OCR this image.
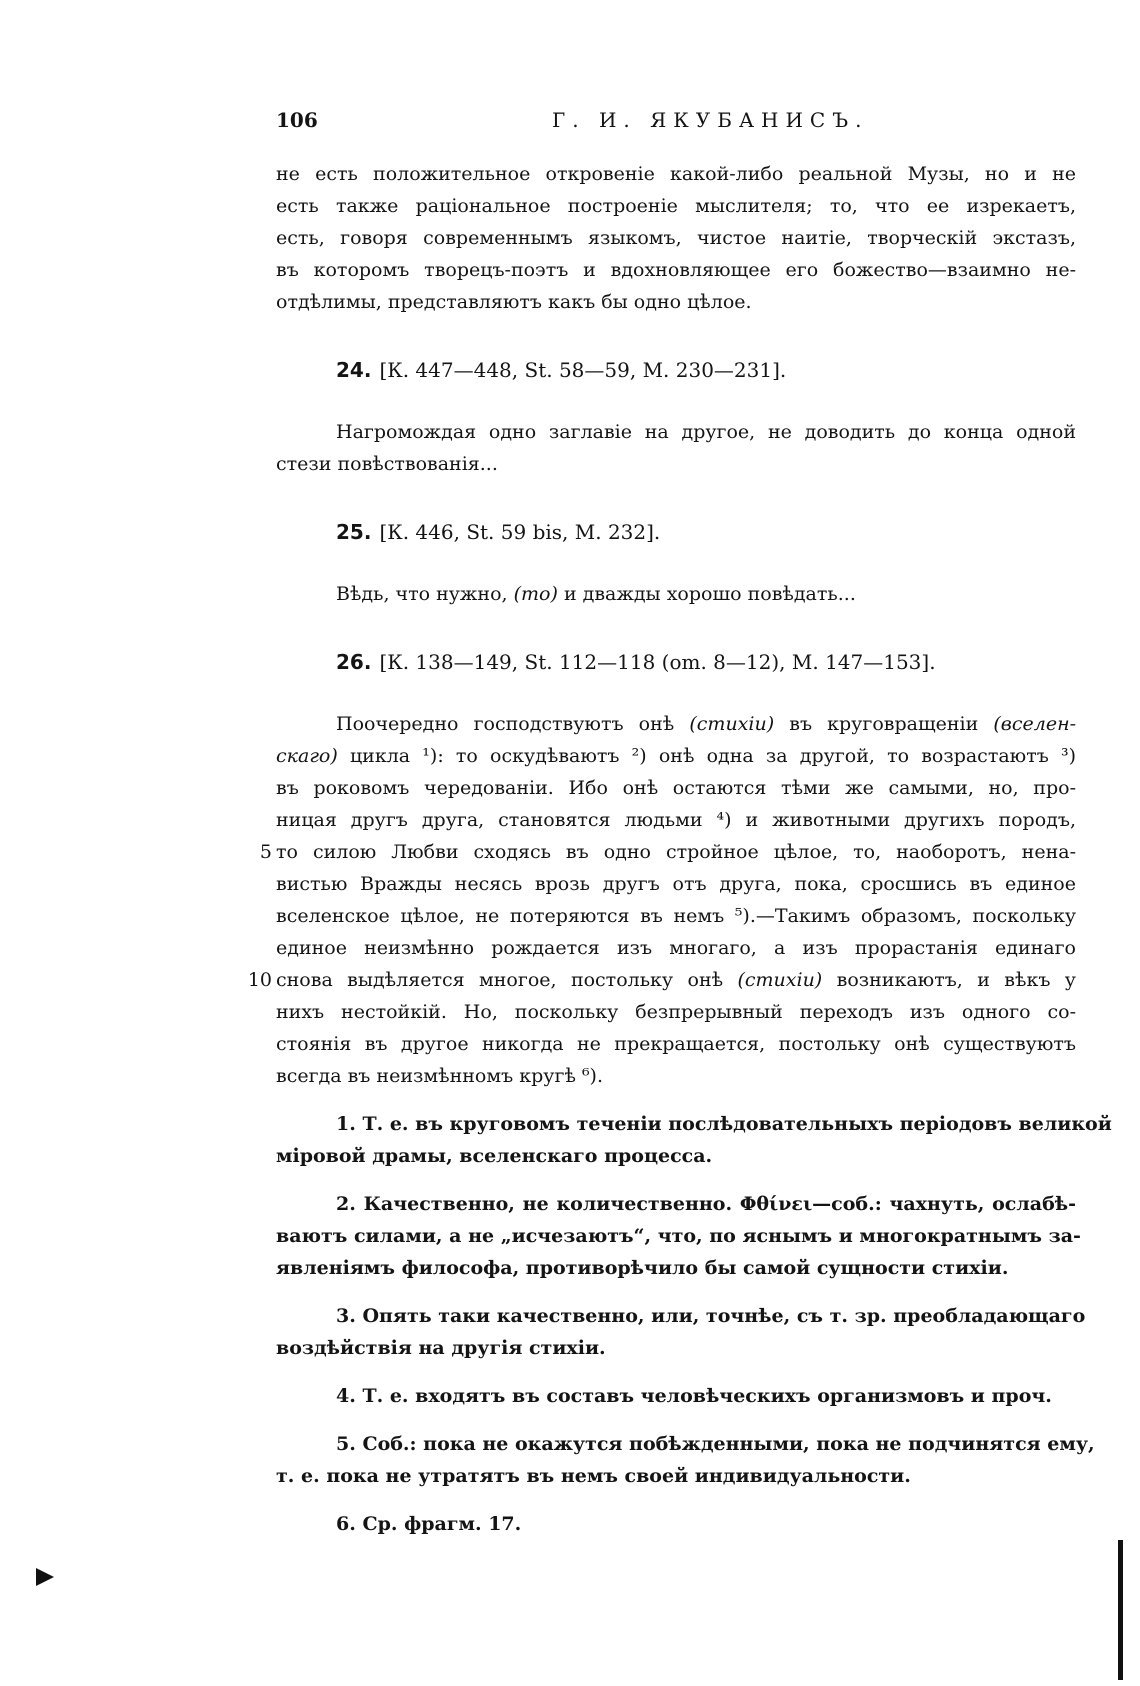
106	Г. И. ЯКУБАНИСЪ.
не есть положительное откровеніе какой-либо реальной Музы, но и не
есть также раціональное построеніе мыслителя; то, что ее изрекаетъ,
есть, говоря современнымъ языкомъ, чистое наитіе, творческій экстазъ,
въ которомъ творецъ-поэтъ и вдохновляющее его божество—взаимно не-
отдѣлимы, представляютъ какъ бы одно цѣлое.
24. [К. 447—448, St. 58—59, М. 230—231].
Нагромождая одно заглавіе на другое, не доводить до конца одной
стези повѣствованія...
25. [К. 446, St. 59 bis, М. 232].
Вѣдь, что нужно, (то) и дважды хорошо повѣдать...
26. [К. 138—149, St. 112—118 (om. 8—12), М. 147—153].
Поочередно господствуютъ онѣ (стихіи) въ круговращеніи (вселен-
скаго) цикла ¹): то оскудѣваютъ ²) онѣ одна за другой, то возрастаютъ ³)
въ роковомъ чередованіи. Ибо онѣ остаются тѣми же самыми, но, про-
ницая другъ друга, становятся людьми ⁴) и животными другихъ породъ,
5 то силою Любви сходясь въ одно стройное цѣлое, то, наоборотъ, нена-
вистью Вражды несясь врозь другъ отъ друга, пока, сросшись въ единое
вселенское цѣлое, не потеряются въ немъ ⁵).—Такимъ образомъ, поскольку
единое неизмѣнно рождается изъ многаго, а изъ прорастанія единаго
10 снова выдѣляется многое, постольку онѣ (стихіи) возникаютъ, и вѣкъ у
нихъ нестойкій. Но, поскольку безпрерывный переходъ изъ одного со-
стоянія въ другое никогда не прекращается, постольку онѣ существуютъ
всегда въ неизмѣнномъ кругѣ ⁶).
1. Т. е. въ круговомъ теченіи послѣдовательныхъ періодовъ великой
міровой драмы, вселенскаго процесса.
2. Качественно, не количественно. Φθίνει—соб.: чахнуть, ослабѣ-
ваютъ силами, а не „исчезаютъ“, что, по яснымъ и многократнымъ за-
явленіямъ философа, противорѣчило бы самой сущности стихіи.
3. Опять таки качественно, или, точнѣе, съ т. зр. преобладающаго
воздѣйствія на другія стихіи.
4. Т. е. входятъ въ составъ человѣческихъ организмовъ и проч.
5. Соб.: пока не окажутся побѣжденными, пока не подчинятся ему,
т. е. пока не утратятъ въ немъ своей индивидуальности.
6. Ср. фрагм. 17.
